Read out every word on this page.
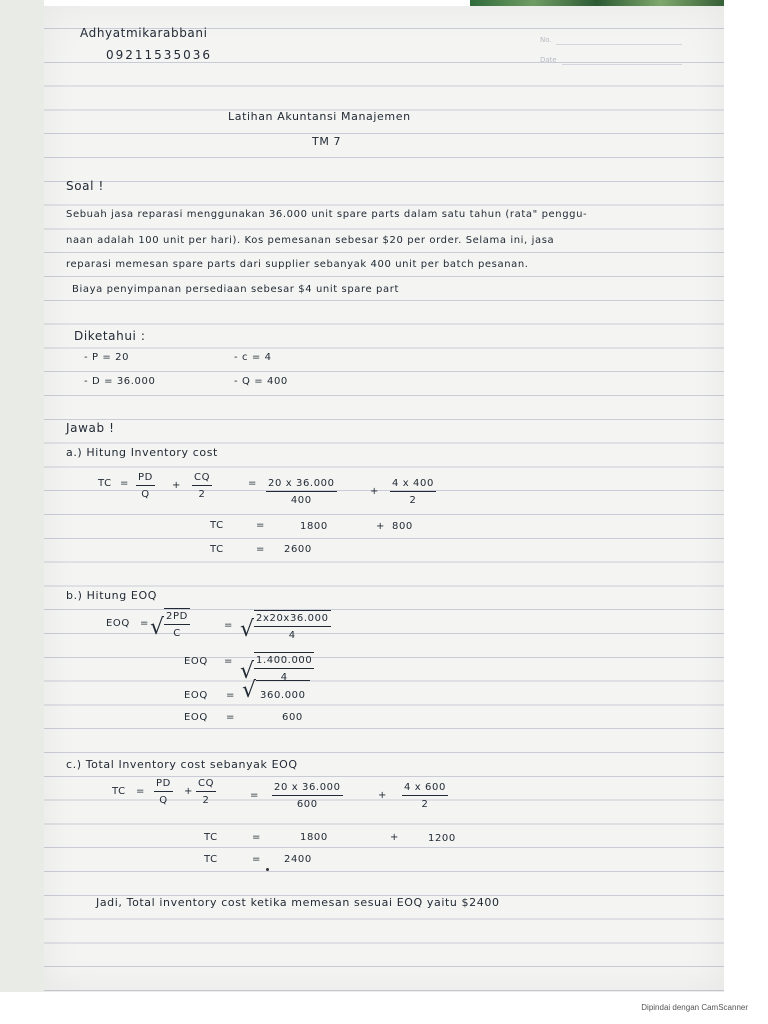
Adhyatmikarabbani
09211535036
No.
Date
Latihan Akuntansi Manajemen
TM 7
Soal !
Sebuah jasa reparasi menggunakan 36.000 unit spare parts dalam satu tahun (rata" penggu-
naan adalah 100 unit per hari). Kos pemesanan sebesar $20 per order. Selama ini, jasa
reparasi memesan spare parts dari supplier sebanyak 400 unit per batch pesanan.
Biaya penyimpanan persediaan sebesar $4 unit spare part
Diketahui :
- P = 20	- c = 4
- D = 36.000	- Q = 400
Jawab !
a.) Hitung Inventory cost
TC =
PD
Q
+
CQ
2
= 20 x 36.000
400
+
4 x 400
2
TC	=	1800	+ 800
TC	= 2600
b.) Hitung EOQ
EOQ = √ 2PD
C
= √ 2x20x36.000
4
EOQ = √ 1.400.000
4
EOQ = √ 360.000
EOQ =	600
c.) Total Inventory cost sebanyak EOQ
TC =
PD
Q
+
CQ
2	=
20 x 36.000
600
+
4 x 600
2
TC	=	1800	+	1200
TC	= 2400
Jadi, Total inventory cost ketika memesan sesuai EOQ yaitu $2400
Dipindai dengan CamScanner
